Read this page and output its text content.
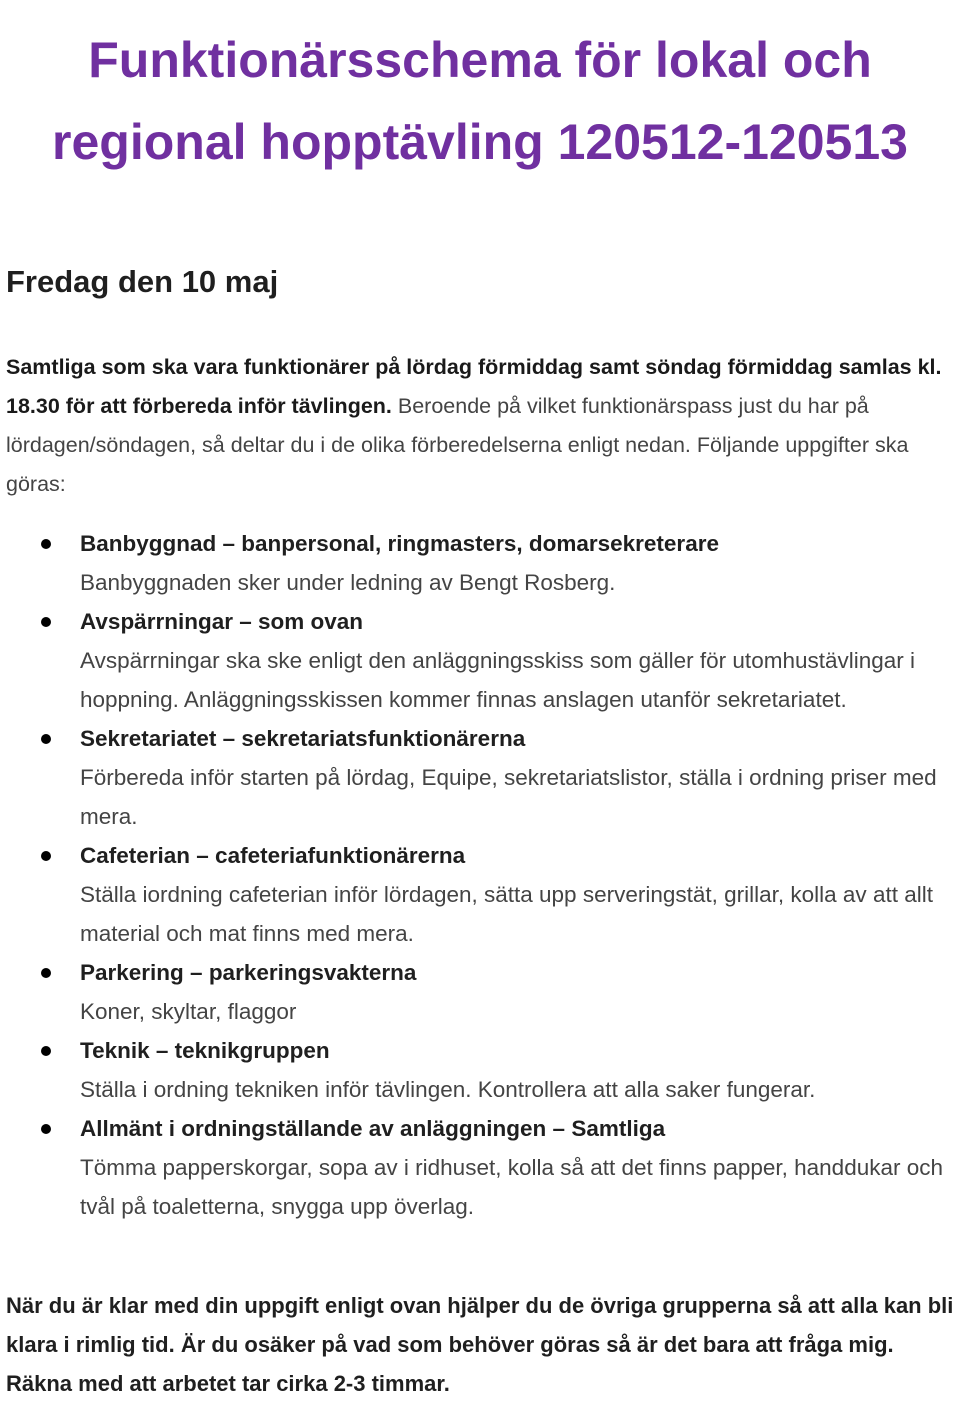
Funktionärsschema för lokal och regional hopptävling 120512-120513
Fredag den 10 maj

Samtliga som ska vara funktionärer på lördag förmiddag samt söndag förmiddag samlas kl. 18.30 för att förbereda inför tävlingen. Beroende på vilket funktionärspass just du har på lördagen/söndagen, så deltar du i de olika förberedelserna enligt nedan. Följande uppgifter ska göras:

Banbyggnad – banpersonal, ringmasters, domarsekreterare
Banbyggnaden sker under ledning av Bengt Rosberg.
Avspärrningar – som ovan
Avspärrningar ska ske enligt den anläggningsskiss som gäller för utomhustävlingar i hoppning. Anläggningsskissen kommer finnas anslagen utanför sekretariatet.
Sekretariatet – sekretariatsfunktionärerna
Förbereda inför starten på lördag, Equipe, sekretariatslistor, ställa i ordning priser med mera.
Cafeterian – cafeteriafunktionärerna
Ställa iordning cafeterian inför lördagen, sätta upp serveringstät, grillar, kolla av att allt material och mat finns med mera.
Parkering – parkeringsvakterna
Koner, skyltar, flaggor
Teknik – teknikgruppen
Ställa i ordning tekniken inför tävlingen. Kontrollera att alla saker fungerar.
Allmänt i ordningställande av anläggningen – Samtliga
Tömma papperskorgar, sopa av i ridhuset, kolla så att det finns papper, handdukar och tvål på toaletterna, snygga upp överlag.

När du är klar med din uppgift enligt ovan hjälper du de övriga grupperna så att alla kan bli klara i rimlig tid. Är du osäker på vad som behöver göras så är det bara att fråga mig. Räkna med att arbetet tar cirka 2-3 timmar.
